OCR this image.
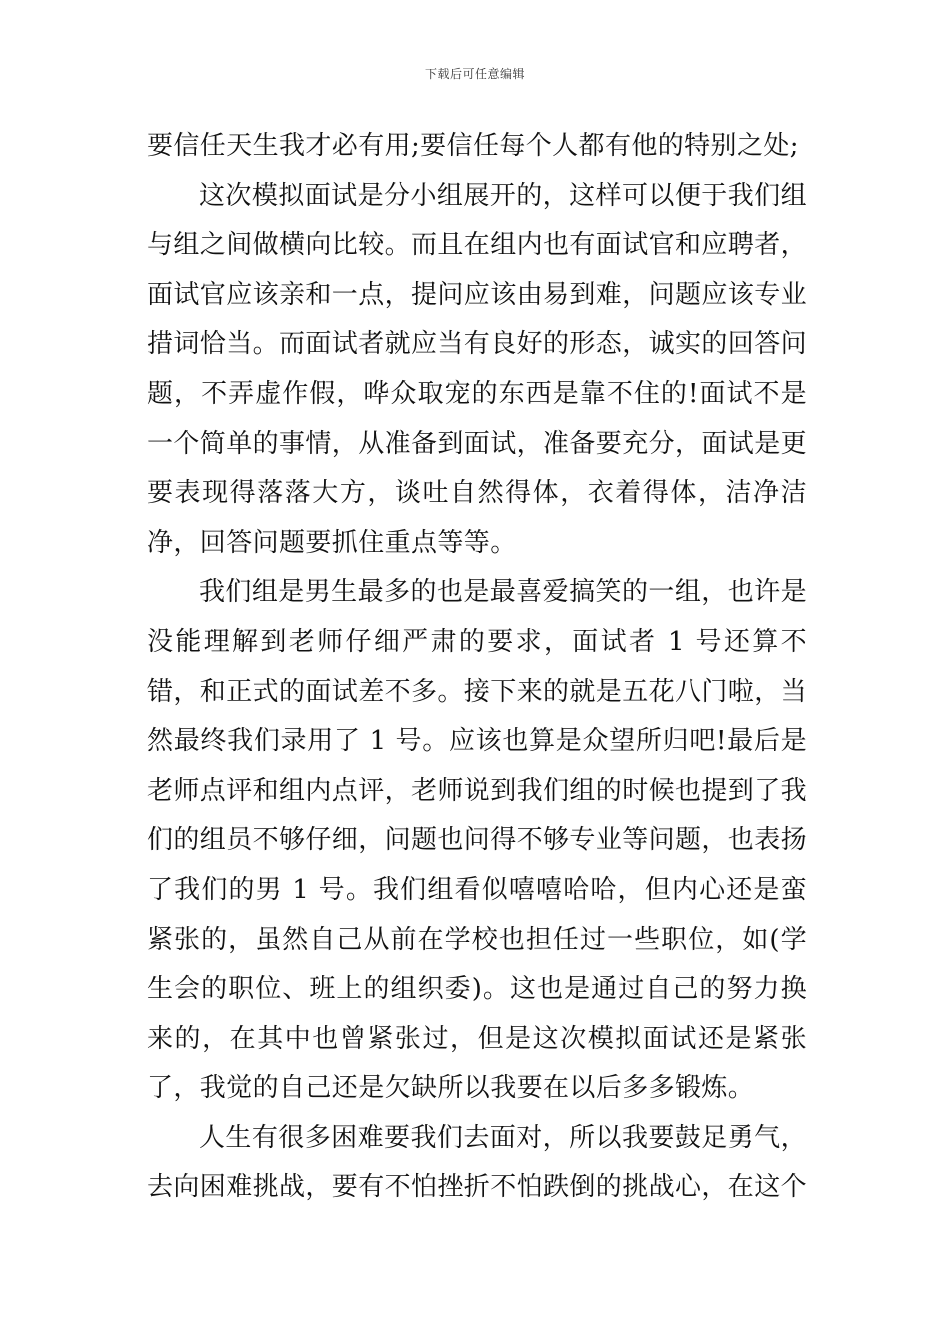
下载后可任意编辑

要信任天生我才必有用;要信任每个人都有他的特别之处;

这次模拟面试是分小组展开的，这样可以便于我们组与组之间做横向比较。而且在组内也有面试官和应聘者，面试官应该亲和一点，提问应该由易到难，问题应该专业措词恰当。而面试者就应当有良好的形态，诚实的回答问题，不弄虚作假，哗众取宠的东西是靠不住的!面试不是一个简单的事情，从准备到面试，准备要充分，面试是更要表现得落落大方，谈吐自然得体，衣着得体，洁净洁净，回答问题要抓住重点等等。

我们组是男生最多的也是最喜爱搞笑的一组，也许是没能理解到老师仔细严肃的要求，面试者 1 号还算不错，和正式的面试差不多。接下来的就是五花八门啦，当然最终我们录用了 1 号。应该也算是众望所归吧!最后是老师点评和组内点评，老师说到我们组的时候也提到了我们的组员不够仔细，问题也问得不够专业等问题，也表扬了我们的男 1 号。我们组看似嘻嘻哈哈，但内心还是蛮紧张的，虽然自己从前在学校也担任过一些职位，如(学生会的职位、班上的组织委)。这也是通过自己的努力换来的，在其中也曾紧张过，但是这次模拟面试还是紧张了，我觉的自己还是欠缺所以我要在以后多多锻炼。

人生有很多困难要我们去面对，所以我要鼓足勇气，去向困难挑战，要有不怕挫折不怕跌倒的挑战心，在这个
